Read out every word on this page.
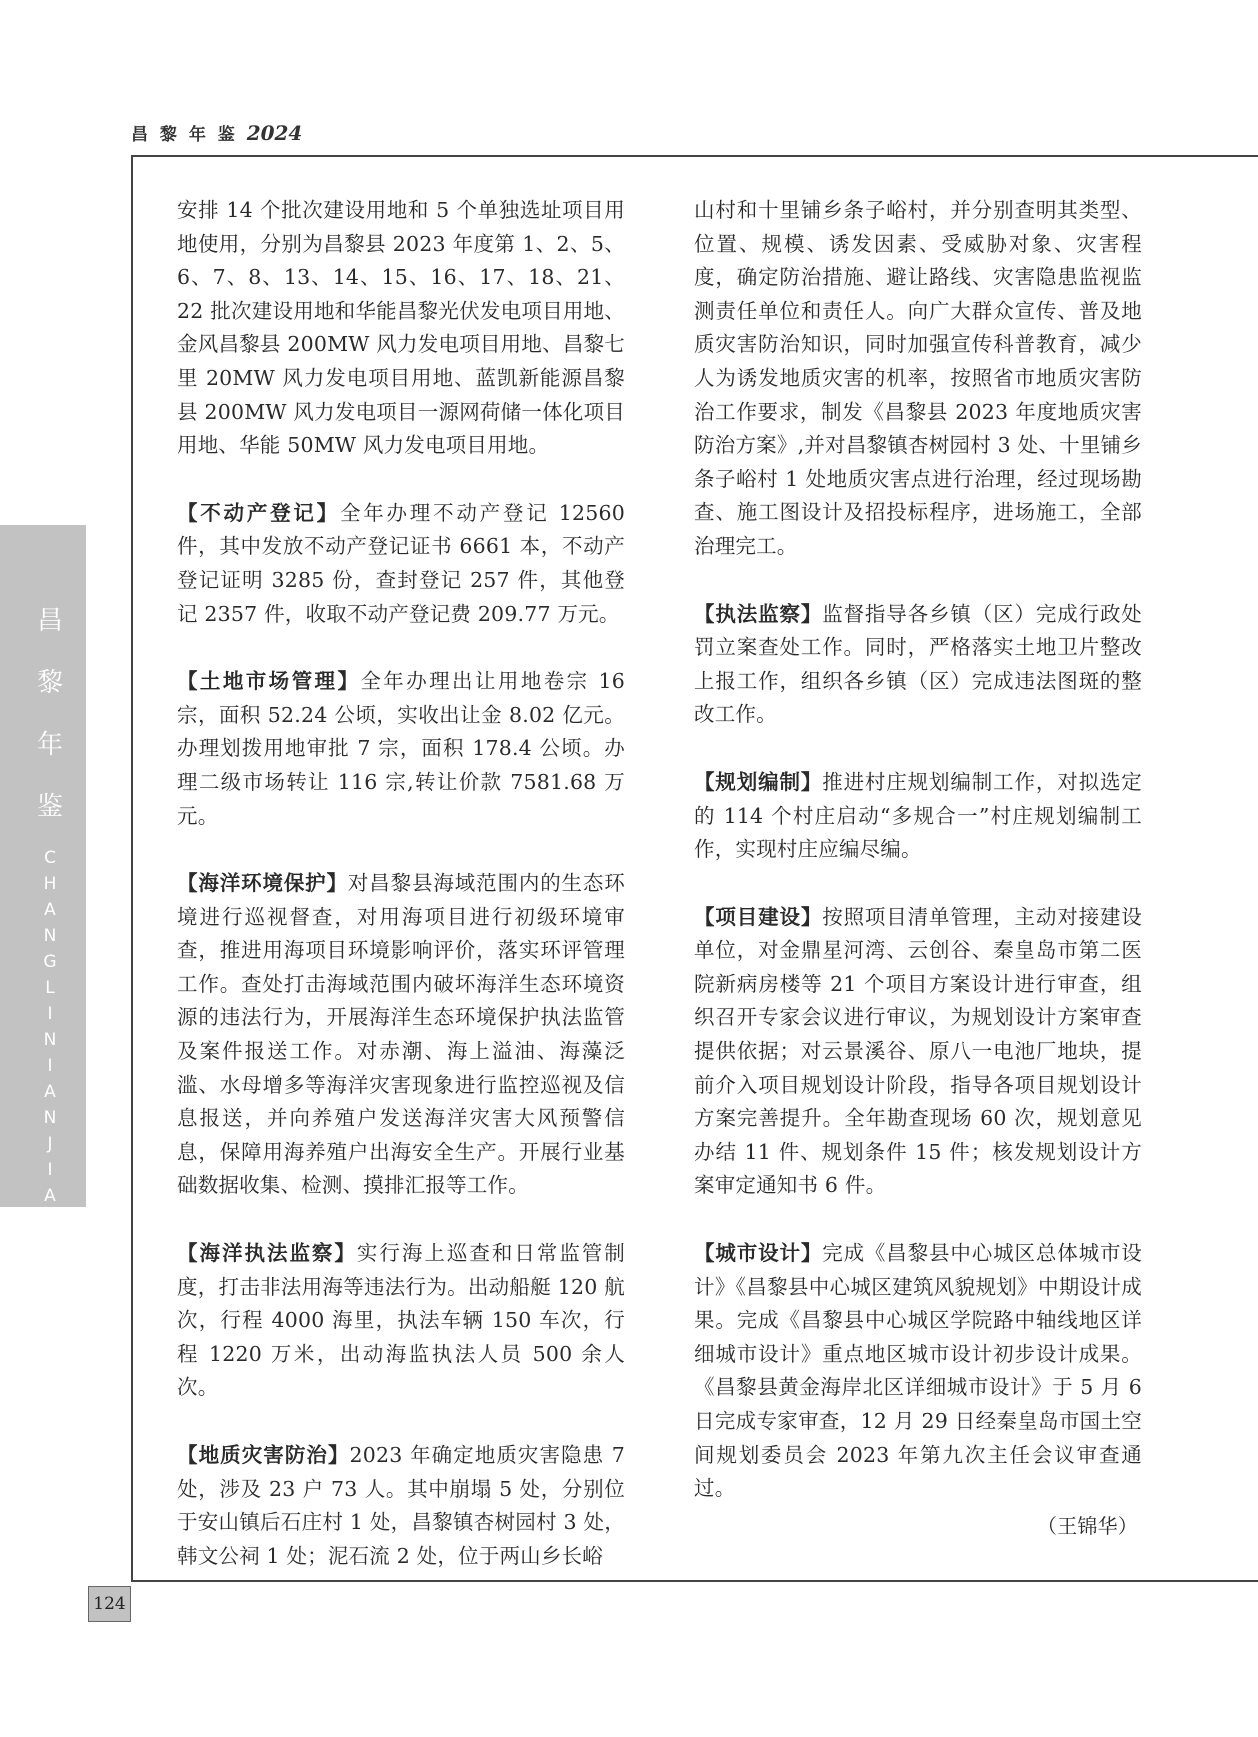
昌 黎 年 鉴 2024
昌
黎
年
鉴
C
H
A
N
G
L
I
N
I
A
N
J
I
A
N
124

安排 14 个批次建设用地和 5 个单独选址项目用地使用，分别为昌黎县 2023 年度第 1、2、5、6、7、8、13、14、15、16、17、18、21、22 批次建设用地和华能昌黎光伏发电项目用地、金风昌黎县 200MW 风力发电项目用地、昌黎七里 20MW 风力发电项目用地、蓝凯新能源昌黎县 200MW 风力发电项目一源网荷储一体化项目用地、华能 50MW 风力发电项目用地。

【不动产登记】全年办理不动产登记 12560 件，其中发放不动产登记证书 6661 本，不动产登记证明 3285 份，查封登记 257 件，其他登记 2357 件，收取不动产登记费 209.77 万元。

【土地市场管理】全年办理出让用地卷宗 16 宗，面积 52.24 公顷，实收出让金 8.02 亿元。办理划拨用地审批 7 宗，面积 178.4 公顷。办理二级市场转让 116 宗,转让价款 7581.68 万元。

【海洋环境保护】对昌黎县海域范围内的生态环境进行巡视督查，对用海项目进行初级环境审查，推进用海项目环境影响评价，落实环评管理工作。查处打击海域范围内破坏海洋生态环境资源的违法行为，开展海洋生态环境保护执法监管及案件报送工作。对赤潮、海上溢油、海藻泛滥、水母增多等海洋灾害现象进行监控巡视及信息报送，并向养殖户发送海洋灾害大风预警信息，保障用海养殖户出海安全生产。开展行业基础数据收集、检测、摸排汇报等工作。

【海洋执法监察】实行海上巡查和日常监管制度，打击非法用海等违法行为。出动船艇 120 航次，行程 4000 海里，执法车辆 150 车次，行程 1220 万米，出动海监执法人员 500 余人次。

【地质灾害防治】2023 年确定地质灾害隐患 7 处，涉及 23 户 73 人。其中崩塌 5 处，分别位于安山镇后石庄村 1 处，昌黎镇杏树园村 3 处，韩文公祠 1 处；泥石流 2 处，位于两山乡长峪

山村和十里铺乡条子峪村，并分别查明其类型、位置、规模、诱发因素、受威胁对象、灾害程度，确定防治措施、避让路线、灾害隐患监视监测责任单位和责任人。向广大群众宣传、普及地质灾害防治知识，同时加强宣传科普教育，减少人为诱发地质灾害的机率，按照省市地质灾害防治工作要求，制发《昌黎县 2023 年度地质灾害防治方案》,并对昌黎镇杏树园村 3 处、十里铺乡条子峪村 1 处地质灾害点进行治理，经过现场勘查、施工图设计及招投标程序，进场施工，全部治理完工。

【执法监察】监督指导各乡镇（区）完成行政处罚立案查处工作。同时，严格落实土地卫片整改上报工作，组织各乡镇（区）完成违法图斑的整改工作。

【规划编制】推进村庄规划编制工作，对拟选定的 114 个村庄启动“多规合一”村庄规划编制工作，实现村庄应编尽编。

【项目建设】按照项目清单管理，主动对接建设单位，对金鼎星河湾、云创谷、秦皇岛市第二医院新病房楼等 21 个项目方案设计进行审查，组织召开专家会议进行审议，为规划设计方案审查提供依据；对云景溪谷、原八一电池厂地块，提前介入项目规划设计阶段，指导各项目规划设计方案完善提升。全年勘查现场 60 次，规划意见办结 11 件、规划条件 15 件；核发规划设计方案审定通知书 6 件。

【城市设计】完成《昌黎县中心城区总体城市设计》《昌黎县中心城区建筑风貌规划》中期设计成果。完成《昌黎县中心城区学院路中轴线地区详细城市设计》重点地区城市设计初步设计成果。《昌黎县黄金海岸北区详细城市设计》于 5 月 6 日完成专家审查，12 月 29 日经秦皇岛市国土空间规划委员会 2023 年第九次主任会议审查通过。

（王锦华）
